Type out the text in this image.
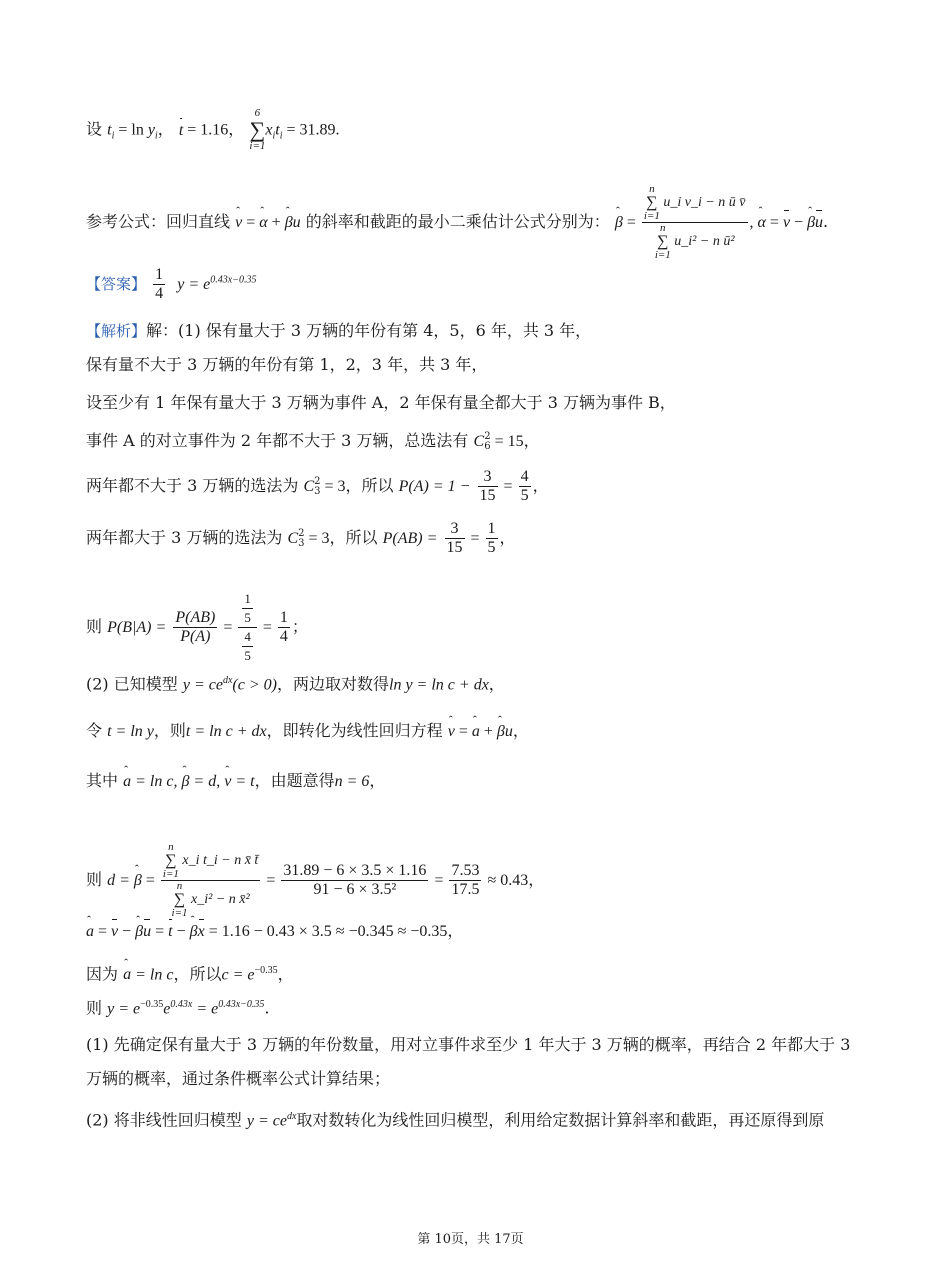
设 $t_i = \ln y_i$， t = 1.16， 6
∑
$i=1x_it_i = 31.89$.
参考公式：回归直线 ˆ v = ˆ α + ˆ βu 的斜率和截距的最小二乘估计公式分别为： ˆ β = n
∑
i=1 u_i v_i − n ū v̄
n
∑
i=1 u_i² − n ū² , ˆ α = v − ˆ βu.
【答案】 $\frac{1}{4}$ $y = e^{0.43x-0.35}$
【解析】解：(1) 保有量大于 3 万辆的年份有第 4，5，6 年，共 3 年，
保有量不大于 3 万辆的年份有第 1，2，3 年，共 3 年，
设至少有 1 年保有量大于 3 万辆为事件 A，2 年保有量全都大于 3 万辆为事件 B，
事件 A 的对立事件为 2 年都不大于 3 万辆，总选法有 C 2
6 = 15，
两年都不大于 3 万辆的选法为 C 2
3 = 3，所以 $P(A) = 1 - \frac{3}{15} = \frac{4}{5}$ ，
两年都大于 3 万辆的选法为 C 2
3 = 3，所以 $P(AB) = \frac{3}{15} = \frac{1}{5}$ ，
则 $P(B|A) = \frac{P(AB)}{P(A)} = \frac{\frac{1}{5}}{\frac{4}{5}} = \frac{1}{4}$ ；
(2) 已知模型 $y = ce^{dx}(c > 0)$，两边取对数得ln y = ln c + dx，
令 t = ln y，则t = ln c + dx，即转化为线性回归方程 ˆ v = ˆ a + ˆ βu，
其中 ˆ a = ln c, ˆ β = d, ˆ v = t，由题意得n = 6，
则 d = ˆ β = n
∑
i=1 x_i t_i − n x̄ t̄
n
∑
i=1 x_i² − n x̄² = $\frac{31.89 - 6 \times 3.5 \times 1.16}{\text{91 − 6 × 3.5²}} = \frac{7.53}{17.5} \approx 0.43$，
ˆ a = v − ˆ βu = t − ˆ βx = 1.16 − 0.43 × 3.5 ≈ −0.345 ≈ −0.35，
因为 ˆ a = ln c，所以$c = e^{-0.35}$，
则 $y = e^{-0.35}e^{0.43x} = e^{0.43x-0.35}$.
(1) 先确定保有量大于 3 万辆的年份数量，用对立事件求至少 1 年大于 3 万辆的概率，再结合 2 年都大于 3
万辆的概率，通过条件概率公式计算结果；
(2) 将非线性回归模型 $y = ce^{dx}$取对数转化为线性回归模型，利用给定数据计算斜率和截距，再还原得到原
第 10页，共 17页
